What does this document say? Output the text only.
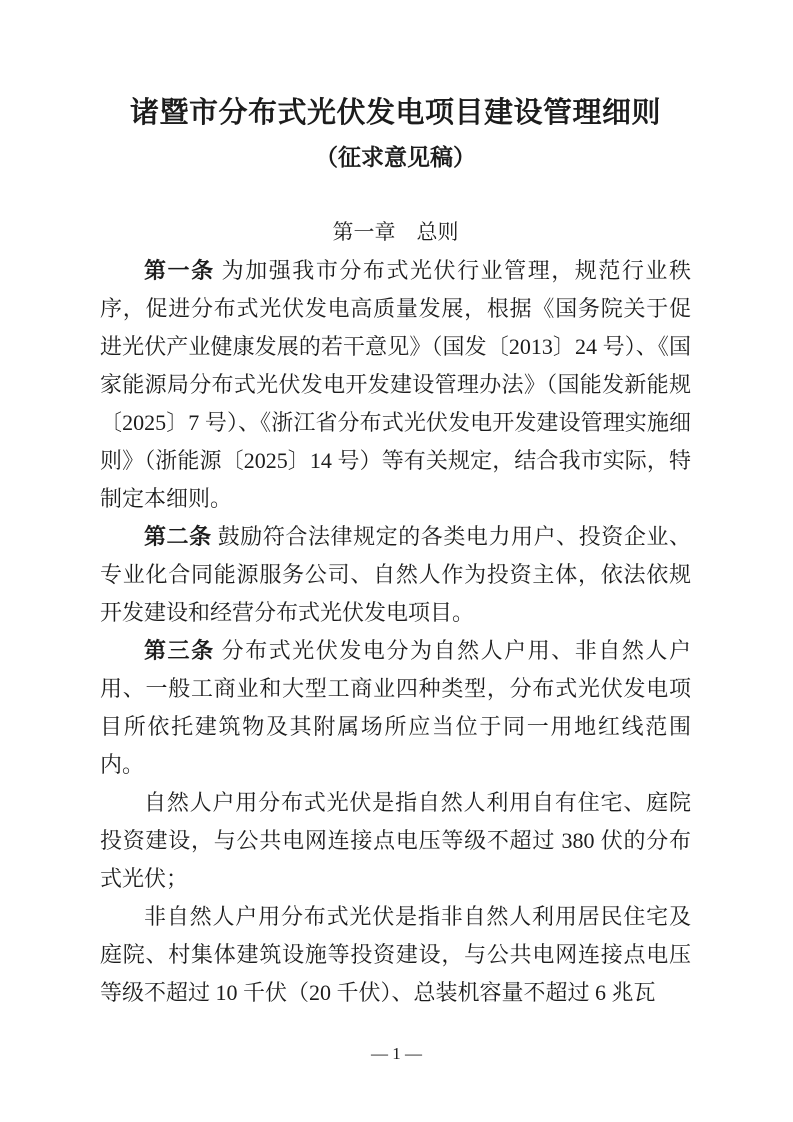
诸暨市分布式光伏发电项目建设管理细则
（征求意见稿）
第一章　总则

第一条 为加强我市分布式光伏行业管理，规范行业秩序，促进分布式光伏发电高质量发展，根据《国务院关于促进光伏产业健康发展的若干意见》（国发〔2013〕24 号）、《国家能源局分布式光伏发电开发建设管理办法》（国能发新能规〔2025〕7 号）、《浙江省分布式光伏发电开发建设管理实施细则》（浙能源〔2025〕14 号）等有关规定，结合我市实际，特制定本细则。

第二条 鼓励符合法律规定的各类电力用户、投资企业、专业化合同能源服务公司、自然人作为投资主体，依法依规开发建设和经营分布式光伏发电项目。

第三条 分布式光伏发电分为自然人户用、非自然人户用、一般工商业和大型工商业四种类型，分布式光伏发电项目所依托建筑物及其附属场所应当位于同一用地红线范围内。

自然人户用分布式光伏是指自然人利用自有住宅、庭院投资建设，与公共电网连接点电压等级不超过 380 伏的分布式光伏；

非自然人户用分布式光伏是指非自然人利用居民住宅及庭院、村集体建筑设施等投资建设，与公共电网连接点电压等级不超过 10 千伏（20 千伏）、总装机容量不超过 6 兆瓦

— 1 —
